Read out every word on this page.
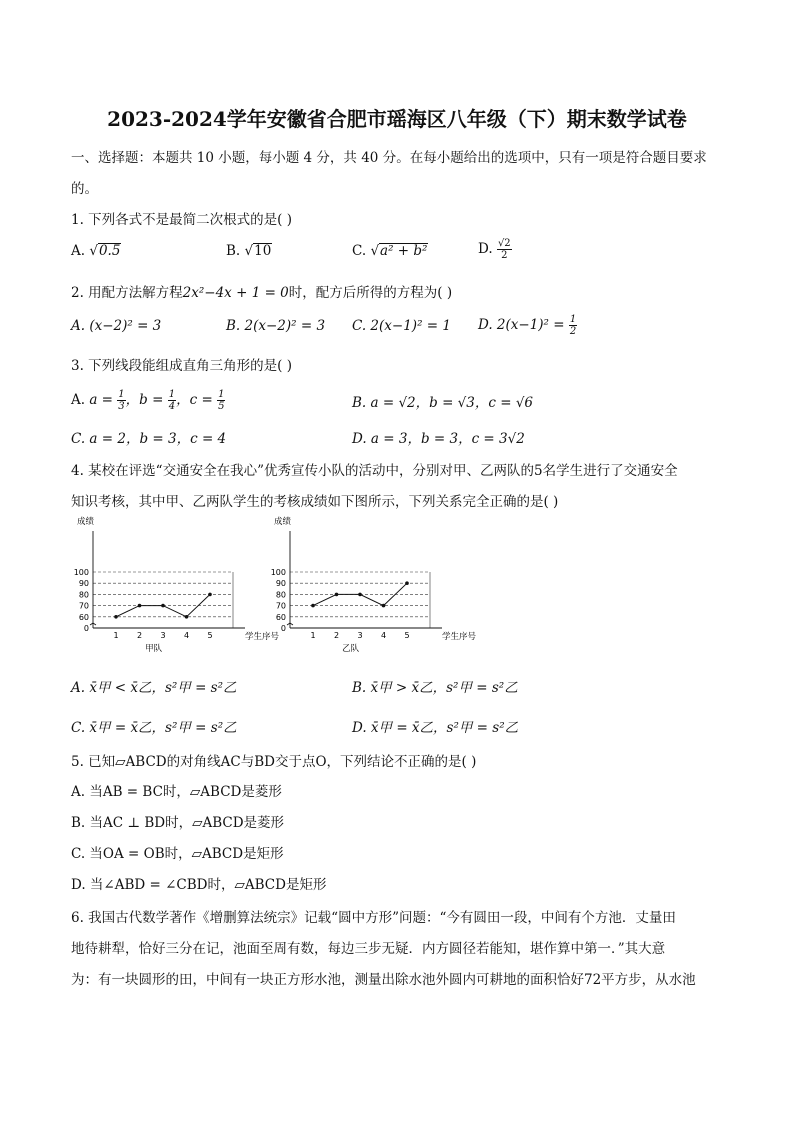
2023-2024学年安徽省合肥市瑶海区八年级（下）期末数学试卷
一、选择题：本题共 10 小题，每小题 4 分，共 40 分。在每小题给出的选项中，只有一项是符合题目要求
的。
1. 下列各式不是最简二次根式的是( )
A. √0.5	B. √10	C. √a² + b²	D. $\frac{√2}{2}$
2. 用配方法解方程2x²−4x + 1 = 0时，配方后所得的方程为( )
A. (x−2)² = 3	B. 2(x−2)² = 3 C. 2(x−1)² = 1 D. $2(x-1)^2 = \frac{1}{2}$
3. 下列线段能组成直角三角形的是( )
A. $a = \frac{1}{3}$ ，$b = \frac{1}{4}$ ，$c = \frac{1}{5}$	B. a = √2，b = √3，c = √6
C. a = 2，b = 3，c = 4	D. a = 3，b = 3，c = 3√2
4. 某校在评选“交通安全在我心”优秀宣传小队的活动中，分别对甲、乙两队的5名学生进行了交通安全
知识考核，其中甲、乙两队学生的考核成绩如下图所示，下列关系完全正确的是( )
0
60
70
80
90
100
成绩
学生序号
1 2 3 4 5
甲队
0
60
70
80
90
100
成绩
学生序号
1 2 3 4 5
乙队
A. x̄甲 < x̄乙，s²甲 = s²乙	B. x̄甲 > x̄乙，s²甲 = s²乙
C. x̄甲 = x̄乙，s²甲 = s²乙	D. x̄甲 = x̄乙，s²甲 = s²乙
5. 已知▱ABCD的对角线AC与BD交于点O，下列结论不正确的是( )
A. 当AB = BC时，▱ABCD是菱形
B. 当AC ⊥ BD时，▱ABCD是菱形
C. 当OA = OB时，▱ABCD是矩形
D. 当∠ABD = ∠CBD时，▱ABCD是矩形
6. 我国古代数学著作《增删算法统宗》记载“圆中方形”问题：“今有圆田一段，中间有个方池．丈量田
地待耕犁，恰好三分在记，池面至周有数，每边三步无疑．内方圆径若能知，堪作算中第一．”其大意
为：有一块圆形的田，中间有一块正方形水池，测量出除水池外圆内可耕地的面积恰好72平方步，从水池
